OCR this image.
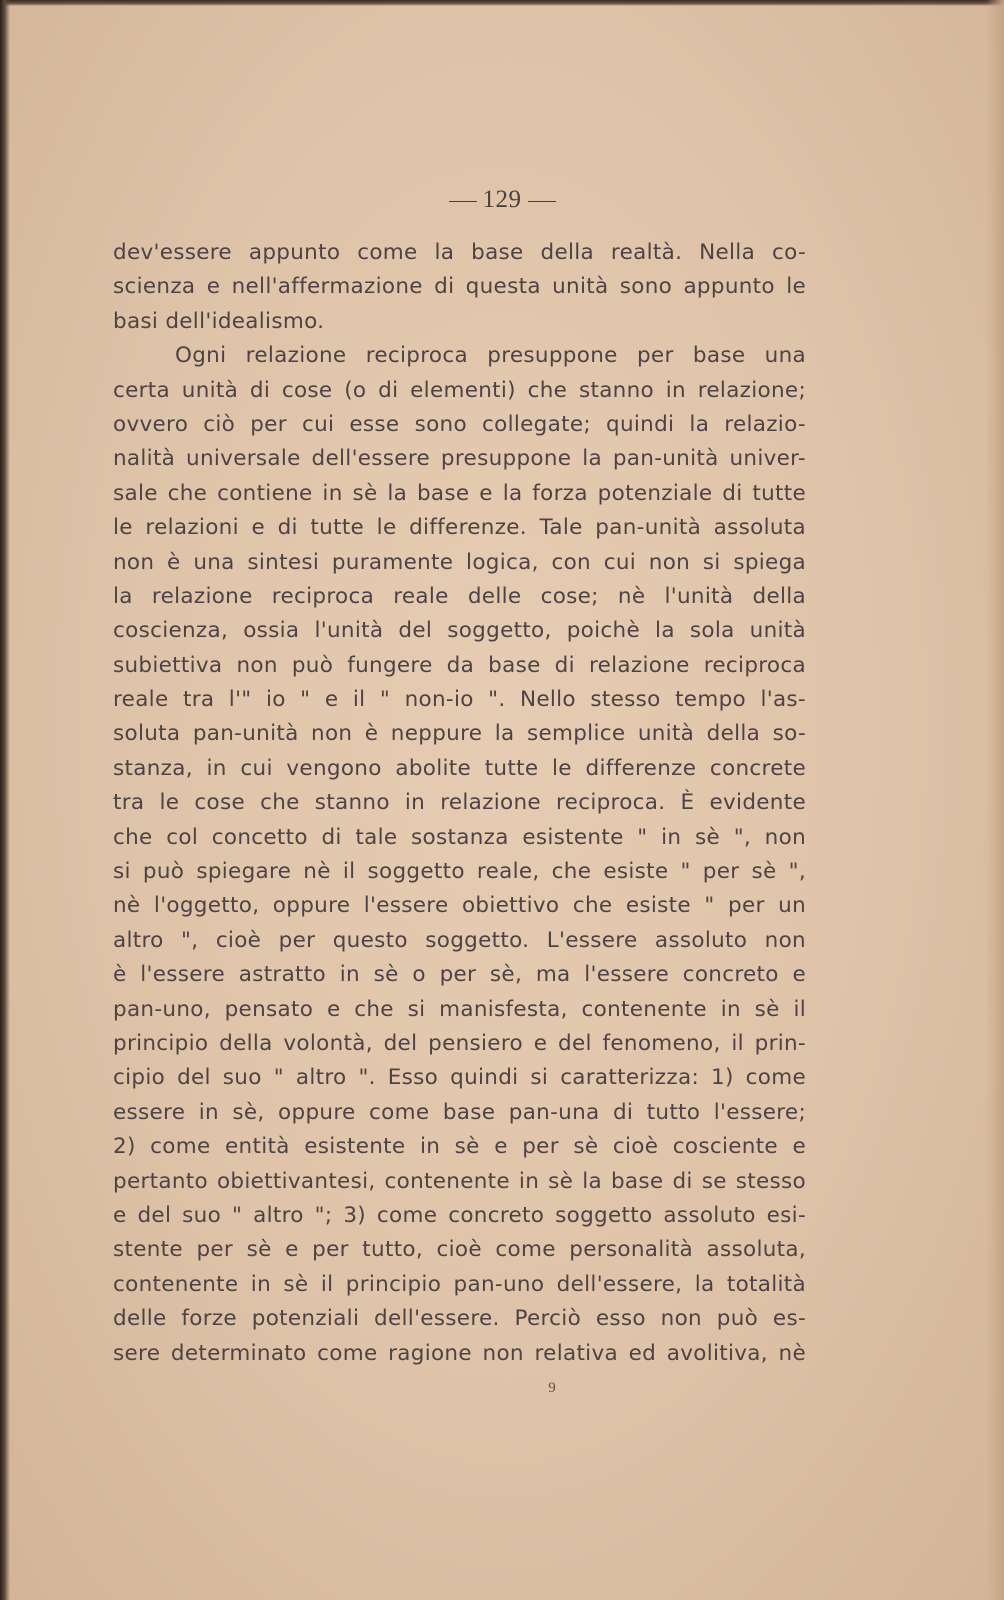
129
dev'essere appunto come la base della realtà. Nella co-
scienza e nell'affermazione di questa unità sono appunto le
basi dell'idealismo.
Ogni relazione reciproca presuppone per base una
certa unità di cose (o di elementi) che stanno in relazione;
ovvero ciò per cui esse sono collegate; quindi la relazio-
nalità universale dell'essere presuppone la pan-unità univer-
sale che contiene in sè la base e la forza potenziale di tutte
le relazioni e di tutte le differenze. Tale pan-unità assoluta
non è una sintesi puramente logica, con cui non si spiega
la relazione reciproca reale delle cose; nè l'unità della
coscienza, ossia l'unità del soggetto, poichè la sola unità
subiettiva non può fungere da base di relazione reciproca
reale tra l'" io " e il " non-io ". Nello stesso tempo l'as-
soluta pan-unità non è neppure la semplice unità della so-
stanza, in cui vengono abolite tutte le differenze concrete
tra le cose che stanno in relazione reciproca. È evidente
che col concetto di tale sostanza esistente " in sè ", non
si può spiegare nè il soggetto reale, che esiste " per sè ",
nè l'oggetto, oppure l'essere obiettivo che esiste " per un
altro ", cioè per questo soggetto. L'essere assoluto non
è l'essere astratto in sè o per sè, ma l'essere concreto e
pan-uno, pensato e che si manisfesta, contenente in sè il
principio della volontà, del pensiero e del fenomeno, il prin-
cipio del suo " altro ". Esso quindi si caratterizza: 1) come
essere in sè, oppure come base pan-una di tutto l'essere;
2) come entità esistente in sè e per sè cioè cosciente e
pertanto obiettivantesi, contenente in sè la base di se stesso
e del suo " altro "; 3) come concreto soggetto assoluto esi-
stente per sè e per tutto, cioè come personalità assoluta,
contenente in sè il principio pan-uno dell'essere, la totalità
delle forze potenziali dell'essere. Perciò esso non può es-
sere determinato come ragione non relativa ed avolitiva, nè
9
